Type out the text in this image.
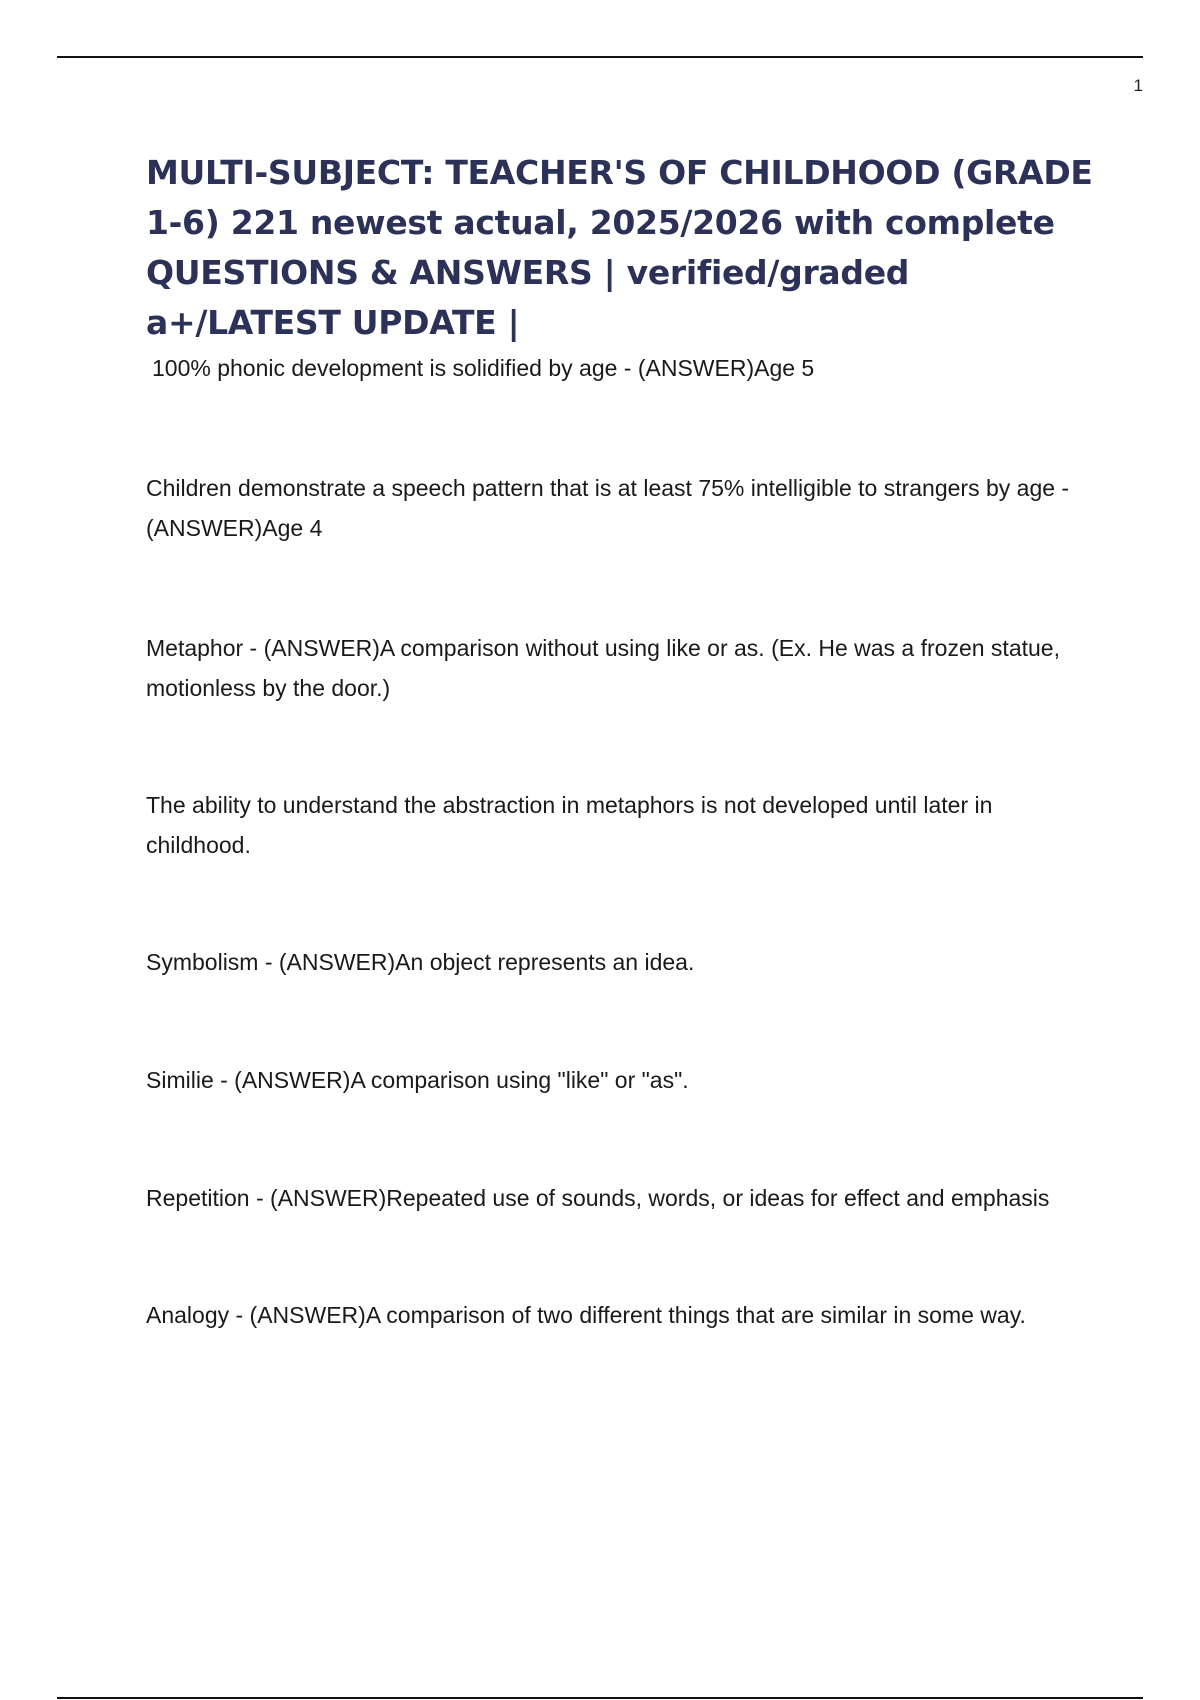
1
MULTI-SUBJECT: TEACHER'S OF CHILDHOOD (GRADE 1-6) 221 newest actual, 2025/2026 with complete QUESTIONS & ANSWERS | verified/graded a+/LATEST UPDATE |
100% phonic development is solidified by age - (ANSWER)Age 5
Children demonstrate a speech pattern that is at least 75% intelligible to strangers by age - (ANSWER)Age 4
Metaphor - (ANSWER)A comparison without using like or as. (Ex. He was a frozen statue, motionless by the door.)
The ability to understand the abstraction in metaphors is not developed until later in childhood.
Symbolism - (ANSWER)An object represents an idea.
Similie - (ANSWER)A comparison using "like" or "as".
Repetition - (ANSWER)Repeated use of sounds, words, or ideas for effect and emphasis
Analogy - (ANSWER)A comparison of two different things that are similar in some way.
